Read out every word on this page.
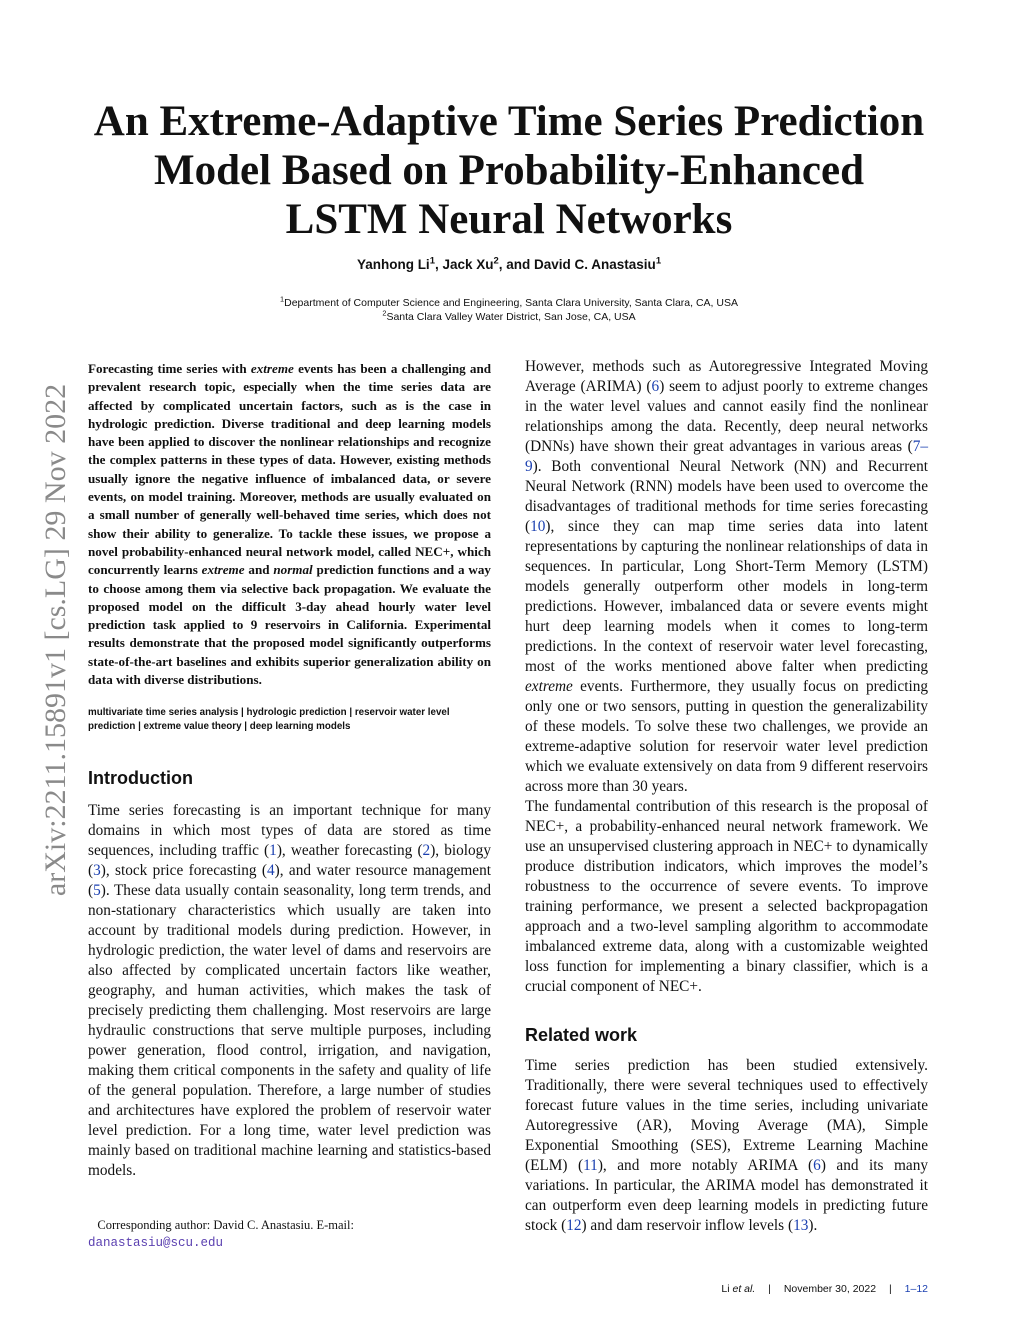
arXiv:2211.15891v1 [cs.LG] 29 Nov 2022
An Extreme-Adaptive Time Series Prediction Model Based on Probability-Enhanced LSTM Neural Networks
Yanhong Li$^1$, Jack Xu$^2$, and David C. Anastasiu$^1$
$^1$Department of Computer Science and Engineering, Santa Clara University, Santa Clara, CA, USA
$^2$Santa Clara Valley Water District, San Jose, CA, USA

Forecasting time series with extreme events has been a challenging and prevalent research topic, especially when the time series data are affected by complicated uncertain factors, such as is the case in hydrologic prediction. Diverse traditional and deep learning models have been applied to discover the nonlinear relationships and recognize the complex patterns in these types of data. However, existing methods usually ignore the negative influence of imbalanced data, or severe events, on model training. Moreover, methods are usually evaluated on a small number of generally well-behaved time series, which does not show their ability to generalize. To tackle these issues, we propose a novel probability-enhanced neural network model, called NEC+, which concurrently learns extreme and normal prediction functions and a way to choose among them via selective back propagation. We evaluate the proposed model on the difficult 3-day ahead hourly water level prediction task applied to 9 reservoirs in California. Experimental results demonstrate that the proposed model significantly outperforms state-of-the-art baselines and exhibits superior generalization ability on data with diverse distributions.

multivariate time series analysis | hydrologic prediction | reservoir water level prediction | extreme value theory | deep learning models

Introduction

Time series forecasting is an important technique for many domains in which most types of data are stored as time sequences, including traffic (1), weather forecasting (2), biology (3), stock price forecasting (4), and water resource management (5). These data usually contain seasonality, long term trends, and non-stationary characteristics which usually are taken into account by traditional models during prediction. However, in hydrologic prediction, the water level of dams and reservoirs are also affected by complicated uncertain factors like weather, geography, and human activities, which makes the task of precisely predicting them challenging. Most reservoirs are large hydraulic constructions that serve multiple purposes, including power generation, flood control, irrigation, and navigation, making them critical components in the safety and quality of life of the general population. Therefore, a large number of studies and architectures have explored the problem of reservoir water level prediction. For a long time, water level prediction was mainly based on traditional machine learning and statistics-based models.

Corresponding author: David C. Anastasiu. E-mail: danastasiu@scu.edu

However, methods such as Autoregressive Integrated Moving Average (ARIMA) (6) seem to adjust poorly to extreme changes in the water level values and cannot easily find the nonlinear relationships among the data. Recently, deep neural networks (DNNs) have shown their great advantages in various areas (7–9). Both conventional Neural Network (NN) and Recurrent Neural Network (RNN) models have been used to overcome the disadvantages of traditional methods for time series forecasting (10), since they can map time series data into latent representations by capturing the nonlinear relationships of data in sequences. In particular, Long Short-Term Memory (LSTM) models generally outperform other models in long-term predictions. However, imbalanced data or severe events might hurt deep learning models when it comes to long-term predictions. In the context of reservoir water level forecasting, most of the works mentioned above falter when predicting extreme events. Furthermore, they usually focus on predicting only one or two sensors, putting in question the generalizability of these models. To solve these two challenges, we provide an extreme-adaptive solution for reservoir water level prediction which we evaluate extensively on data from 9 different reservoirs across more than 30 years.

The fundamental contribution of this research is the proposal of NEC+, a probability-enhanced neural network framework. We use an unsupervised clustering approach in NEC+ to dynamically produce distribution indicators, which improves the model’s robustness to the occurrence of severe events. To improve training performance, we present a selected backpropagation approach and a two-level sampling algorithm to accommodate imbalanced extreme data, along with a customizable weighted loss function for implementing a binary classifier, which is a crucial component of NEC+.

Related work

Time series prediction has been studied extensively. Traditionally, there were several techniques used to effectively forecast future values in the time series, including univariate Autoregressive (AR), Moving Average (MA), Simple Exponential Smoothing (SES), Extreme Learning Machine (ELM) (11), and more notably ARIMA (6) and its many variations. In particular, the ARIMA model has demonstrated it can outperform even deep learning models in predicting future stock (12) and dam reservoir inflow levels (13).

Li et al. | November 30, 2022 | 1–12
